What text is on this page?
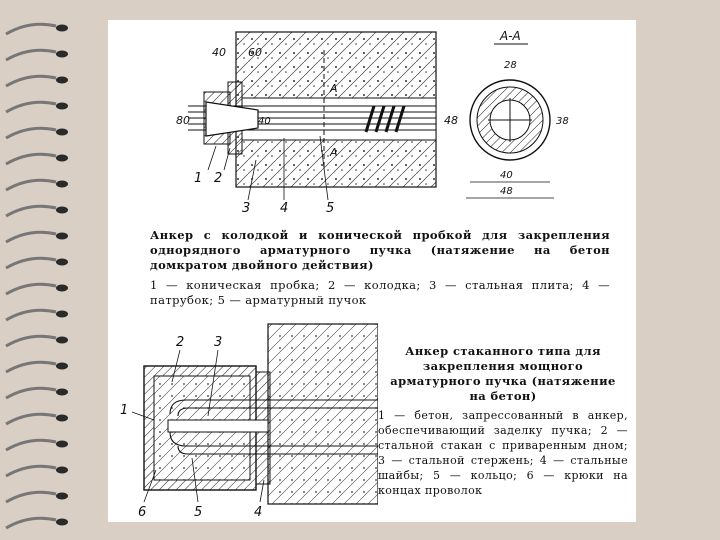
40 60
80	40	48
A
A
1 2
3 4	5
А-А
28
38
40
48
Анкер с колодкой и конической пробкой для закрепления однорядного арматурного пучка (натяжение на бетон домкратом двойного действия)
1 — коническая пробка; 2 — колодка; 3 — стальная плита; 4 — патрубок; 5 — арматурный пучок
2 3
1
6	5	4
Анкер стаканного типа для закрепления мощного арматурного пучка (натяжение на бетон)
1 — бетон, запрессованный в анкер, обеспечивающий заделку пучка; 2 — стальной стакан с приваренным дном; 3 — стальной стержень; 4 — стальные шайбы; 5 — кольцо; 6 — крюки на концах проволок
